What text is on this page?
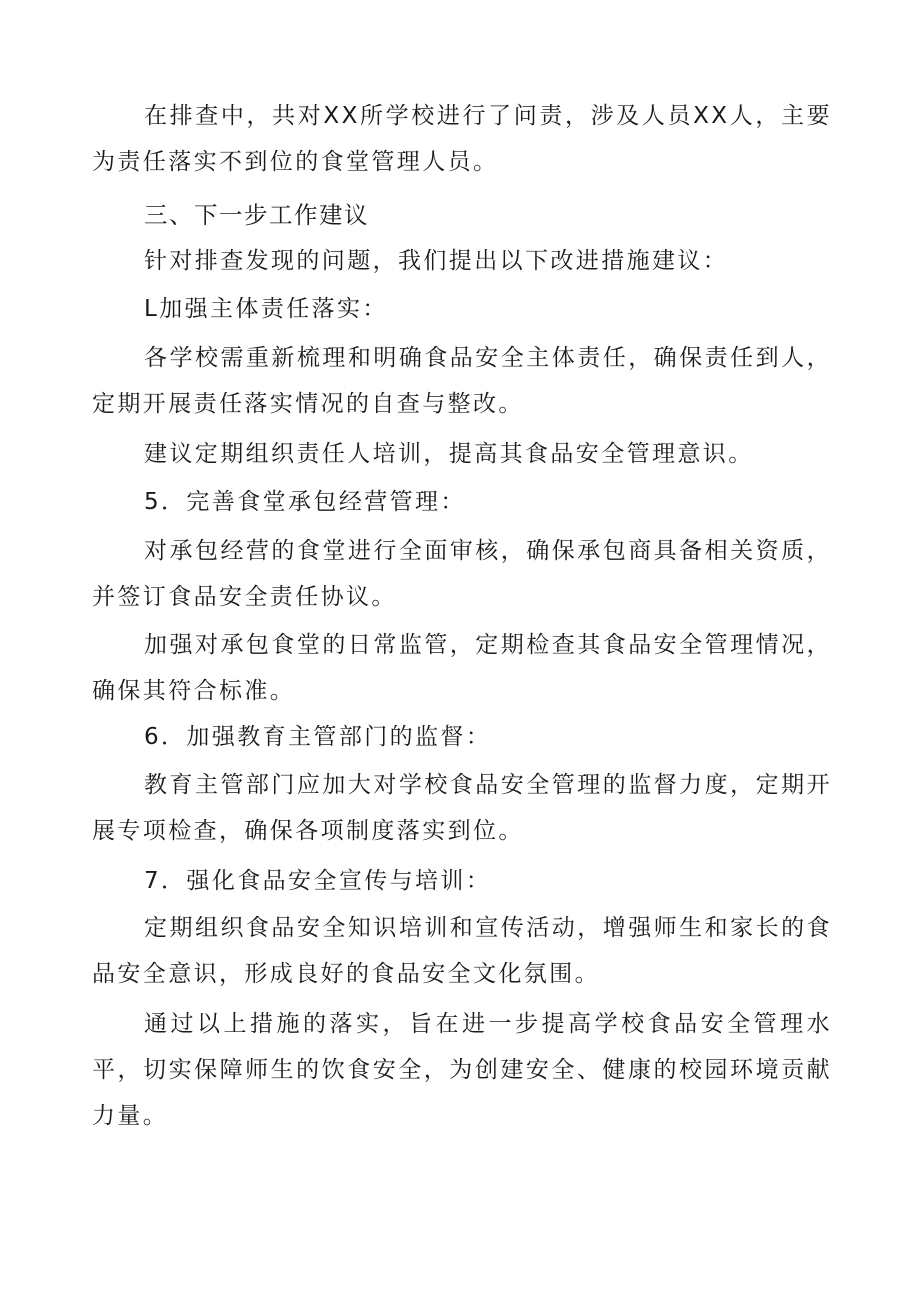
在排查中，共对XX所学校进行了问责，涉及人员XX人，主要为责任落实不到位的食堂管理人员。

三、下一步工作建议

针对排查发现的问题，我们提出以下改进措施建议：

L加强主体责任落实：

各学校需重新梳理和明确食品安全主体责任，确保责任到人，定期开展责任落实情况的自查与整改。

建议定期组织责任人培训，提高其食品安全管理意识。

5．完善食堂承包经营管理：

对承包经营的食堂进行全面审核，确保承包商具备相关资质，并签订食品安全责任协议。

加强对承包食堂的日常监管，定期检查其食品安全管理情况，确保其符合标准。

6．加强教育主管部门的监督：

教育主管部门应加大对学校食品安全管理的监督力度，定期开展专项检查，确保各项制度落实到位。

7．强化食品安全宣传与培训：

定期组织食品安全知识培训和宣传活动，增强师生和家长的食品安全意识，形成良好的食品安全文化氛围。

通过以上措施的落实，旨在进一步提高学校食品安全管理水平，切实保障师生的饮食安全，为创建安全、健康的校园环境贡献力量。
